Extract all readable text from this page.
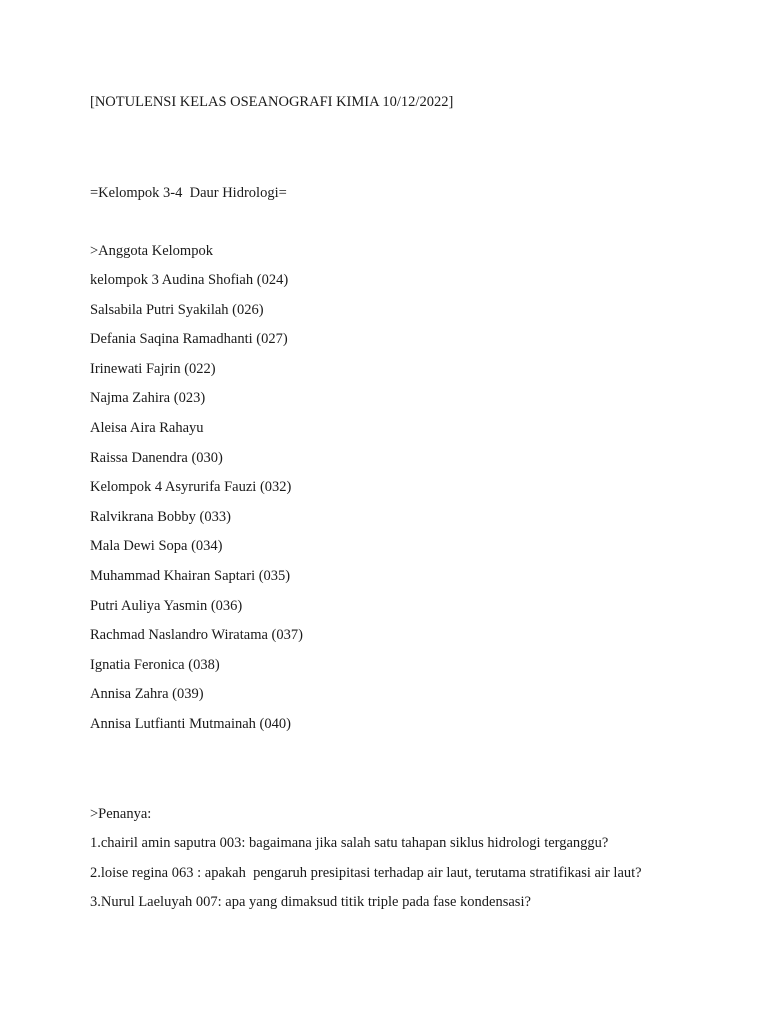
[NOTULENSI KELAS OSEANOGRAFI KIMIA 10/12/2022]
=Kelompok 3-4  Daur Hidrologi=
>Anggota Kelompok
kelompok 3 Audina Shofiah (024)
Salsabila Putri Syakilah (026)
Defania Saqina Ramadhanti (027)
Irinewati Fajrin (022)
Najma Zahira (023)
Aleisa Aira Rahayu
Raissa Danendra (030)
Kelompok 4 Asyrurifa Fauzi (032)
Ralvikrana Bobby (033)
Mala Dewi Sopa (034)
Muhammad Khairan Saptari (035)
Putri Auliya Yasmin (036)
Rachmad Naslandro Wiratama (037)
Ignatia Feronica (038)
Annisa Zahra (039)
Annisa Lutfianti Mutmainah (040)
>Penanya:
1.chairil amin saputra 003: bagaimana jika salah satu tahapan siklus hidrologi terganggu?
2.loise regina 063 : apakah  pengaruh presipitasi terhadap air laut, terutama stratifikasi air laut?
3.Nurul Laeluyah 007: apa yang dimaksud titik triple pada fase kondensasi?
